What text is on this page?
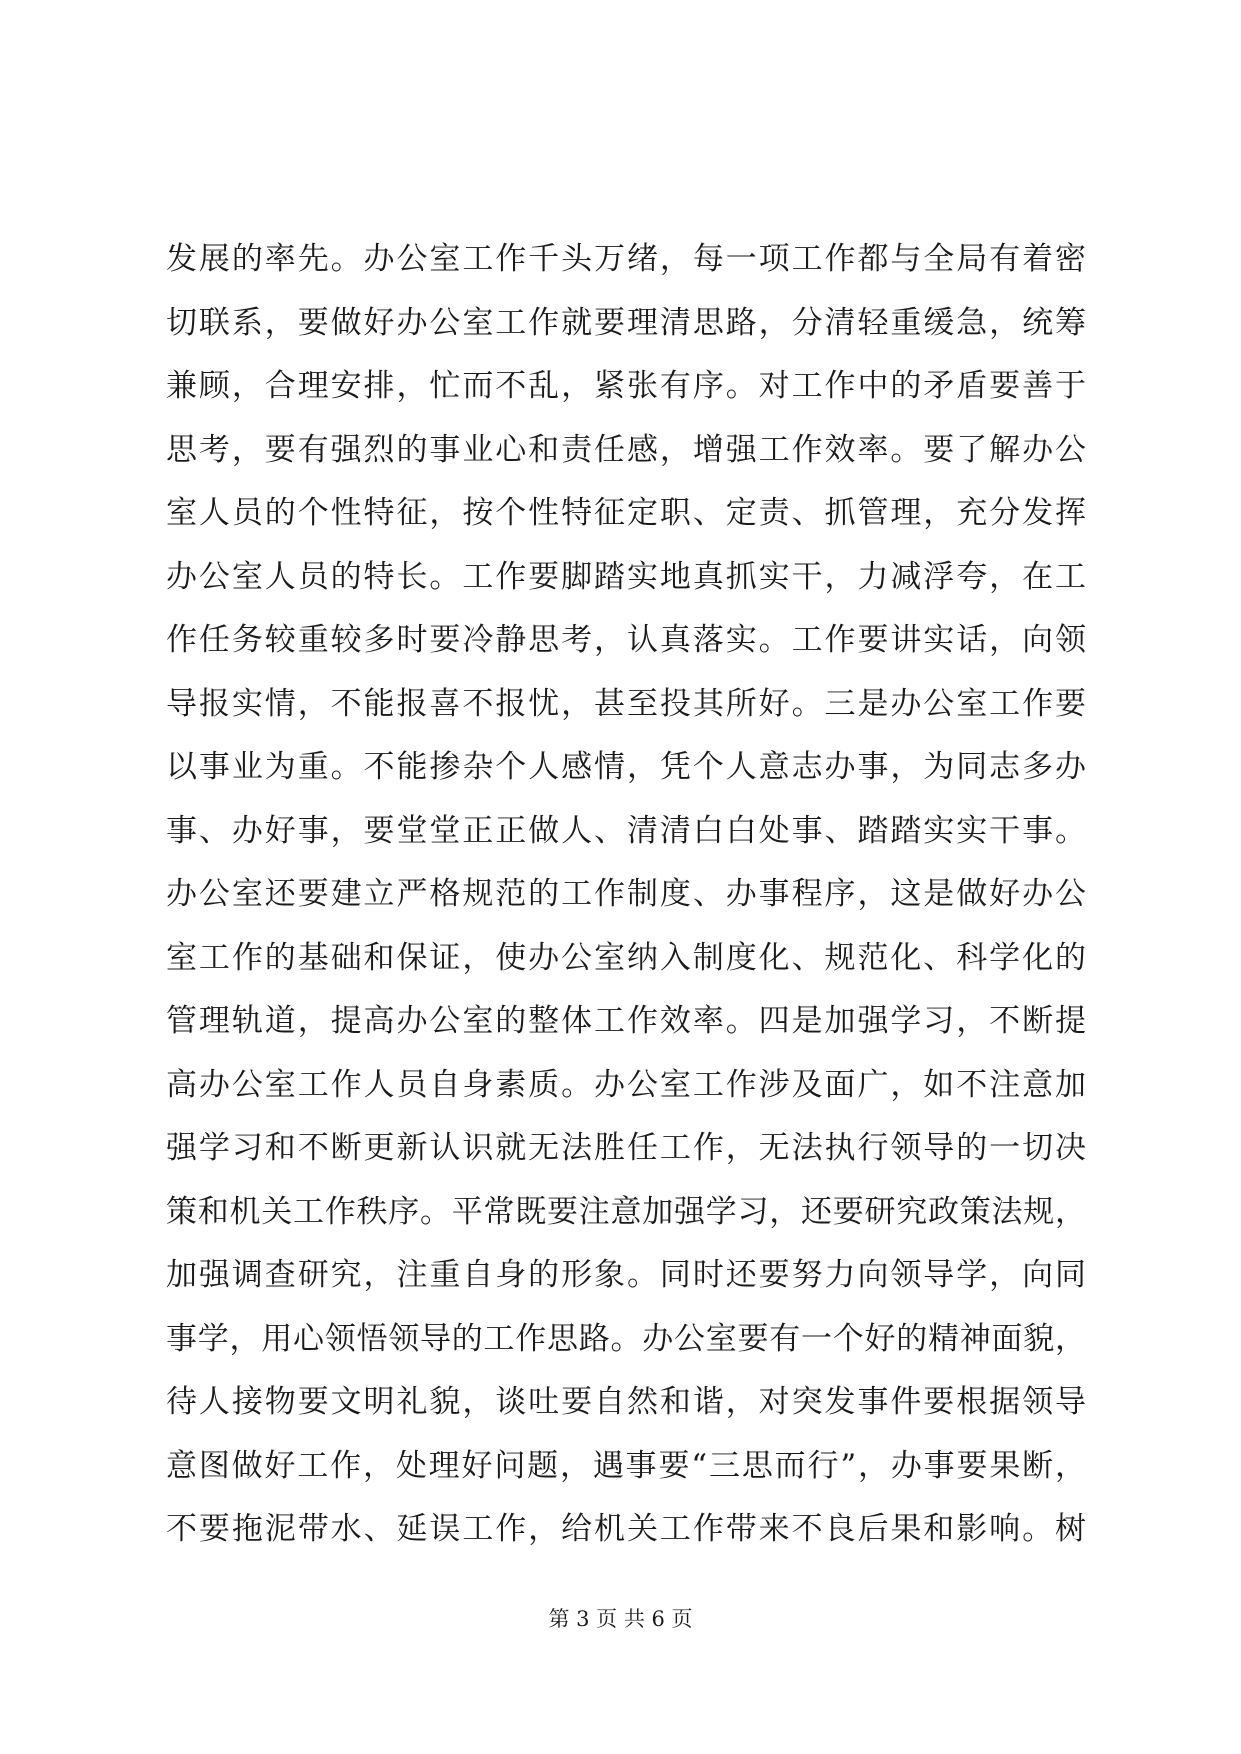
发展的率先。办公室工作千头万绪，每一项工作都与全局有着密
切联系，要做好办公室工作就要理清思路，分清轻重缓急，统筹
兼顾，合理安排，忙而不乱，紧张有序。对工作中的矛盾要善于
思考，要有强烈的事业心和责任感，增强工作效率。要了解办公
室人员的个性特征，按个性特征定职、定责、抓管理，充分发挥
办公室人员的特长。工作要脚踏实地真抓实干，力减浮夸，在工
作任务较重较多时要冷静思考，认真落实。工作要讲实话，向领
导报实情，不能报喜不报忧，甚至投其所好。三是办公室工作要
以事业为重。不能掺杂个人感情，凭个人意志办事，为同志多办
事、办好事，要堂堂正正做人、清清白白处事、踏踏实实干事。
办公室还要建立严格规范的工作制度、办事程序，这是做好办公
室工作的基础和保证，使办公室纳入制度化、规范化、科学化的
管理轨道，提高办公室的整体工作效率。四是加强学习，不断提
高办公室工作人员自身素质。办公室工作涉及面广，如不注意加
强学习和不断更新认识就无法胜任工作，无法执行领导的一切决
策和机关工作秩序。平常既要注意加强学习，还要研究政策法规，
加强调查研究，注重自身的形象。同时还要努力向领导学，向同
事学，用心领悟领导的工作思路。办公室要有一个好的精神面貌，
待人接物要文明礼貌，谈吐要自然和谐，对突发事件要根据领导
意图做好工作，处理好问题，遇事要“三思而行”，办事要果断，
不要拖泥带水、延误工作，给机关工作带来不良后果和影响。树
第 3 页 共 6 页
